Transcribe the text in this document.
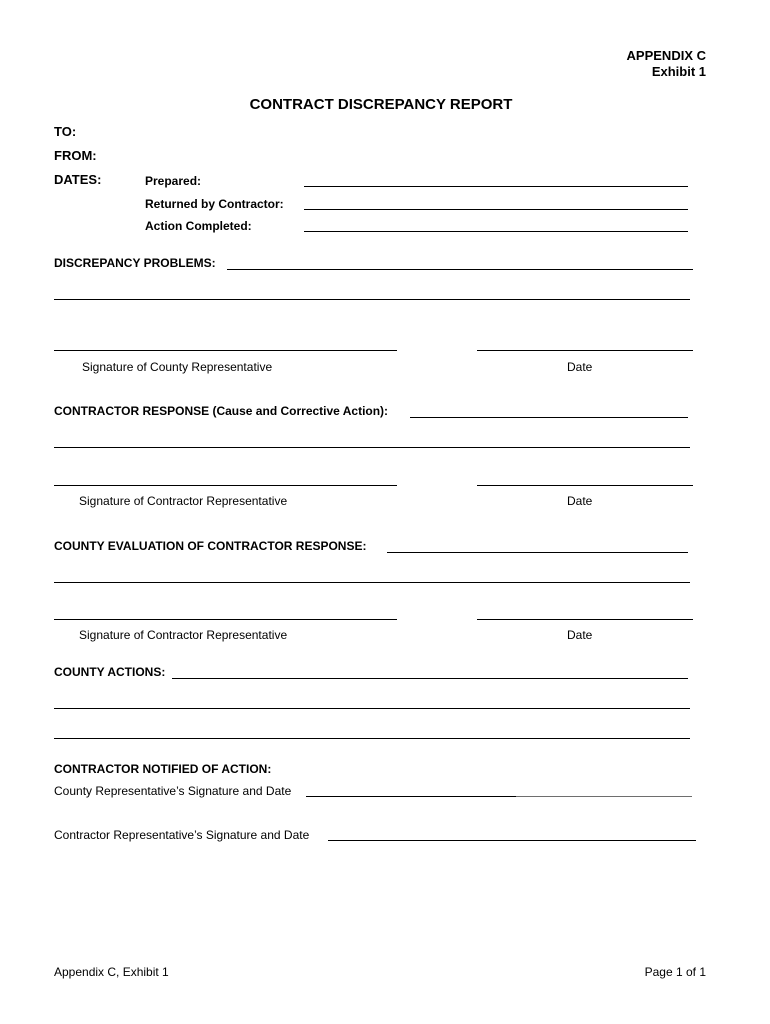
APPENDIX C
Exhibit 1
CONTRACT DISCREPANCY REPORT
TO:
FROM:
DATES:	Prepared:
Returned by Contractor:
Action Completed:
DISCREPANCY PROBLEMS:
Signature of County Representative	Date
CONTRACTOR RESPONSE (Cause and Corrective Action):
Signature of Contractor Representative	Date
COUNTY EVALUATION OF CONTRACTOR RESPONSE:
Signature of Contractor Representative	Date
COUNTY ACTIONS:
CONTRACTOR NOTIFIED OF ACTION:
County Representative’s Signature and Date
Contractor Representative’s Signature and Date
Appendix C, Exhibit 1	Page 1 of 1
